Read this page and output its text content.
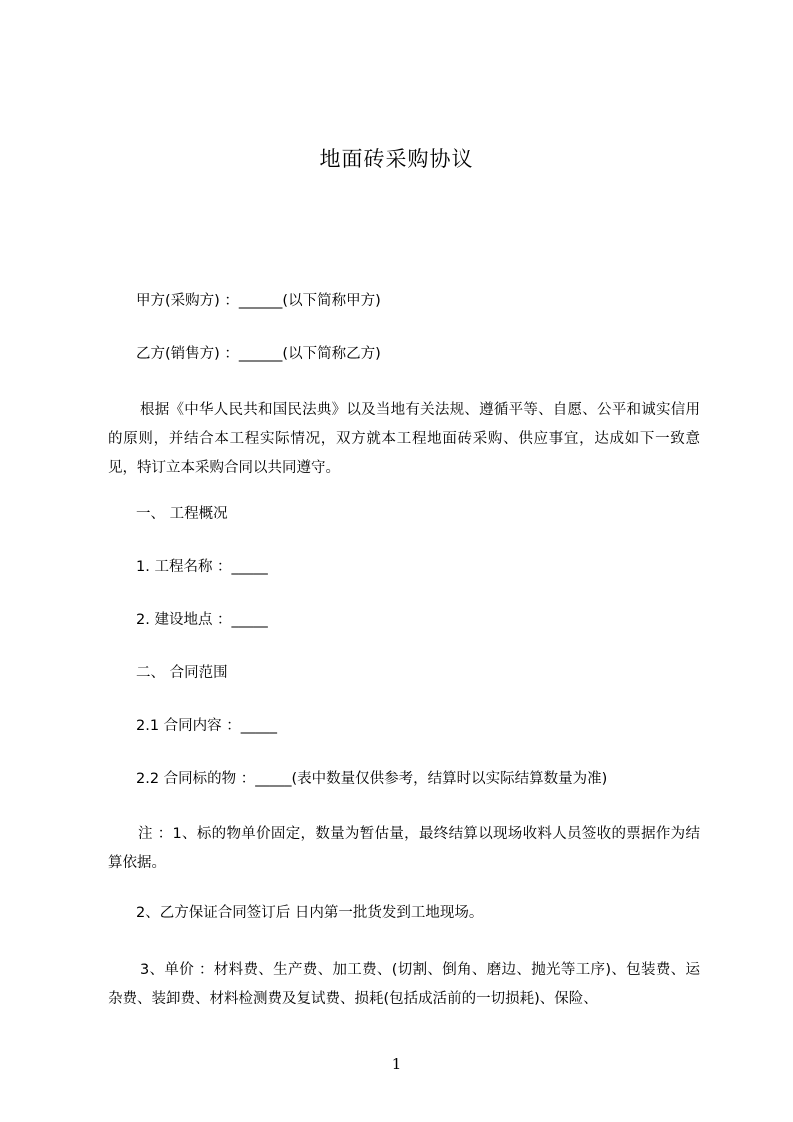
地面砖采购协议
甲方(采购方) ：______(以下简称甲方)
乙方(销售方) ：______(以下简称乙方)
根据《中华人民共和国民法典》以及当地有关法规、遵循平等、自愿、公平和诚实信用的原则，并结合本工程实际情况，双方就本工程地面砖采购、供应事宜，达成如下一致意见，特订立本采购合同以共同遵守。
一、 工程概况
1. 工程名称 ：_____
2. 建设地点 ：_____
二、 合同范围
2.1 合同内容 ：_____
2.2 合同标的物 ：_____(表中数量仅供参考，结算时以实际结算数量为准)
注 ：1、标的物单价固定，数量为暂估量，最终结算以现场收料人员签收的票据作为结算依据。
2、乙方保证合同签订后 日内第一批货发到工地现场。
3、单价 ：材料费、生产费、加工费、(切割、倒角、磨边、抛光等工序)、包装费、运杂费、装卸费、材料检测费及复试费、损耗(包括成活前的一切损耗)、保险、
1
